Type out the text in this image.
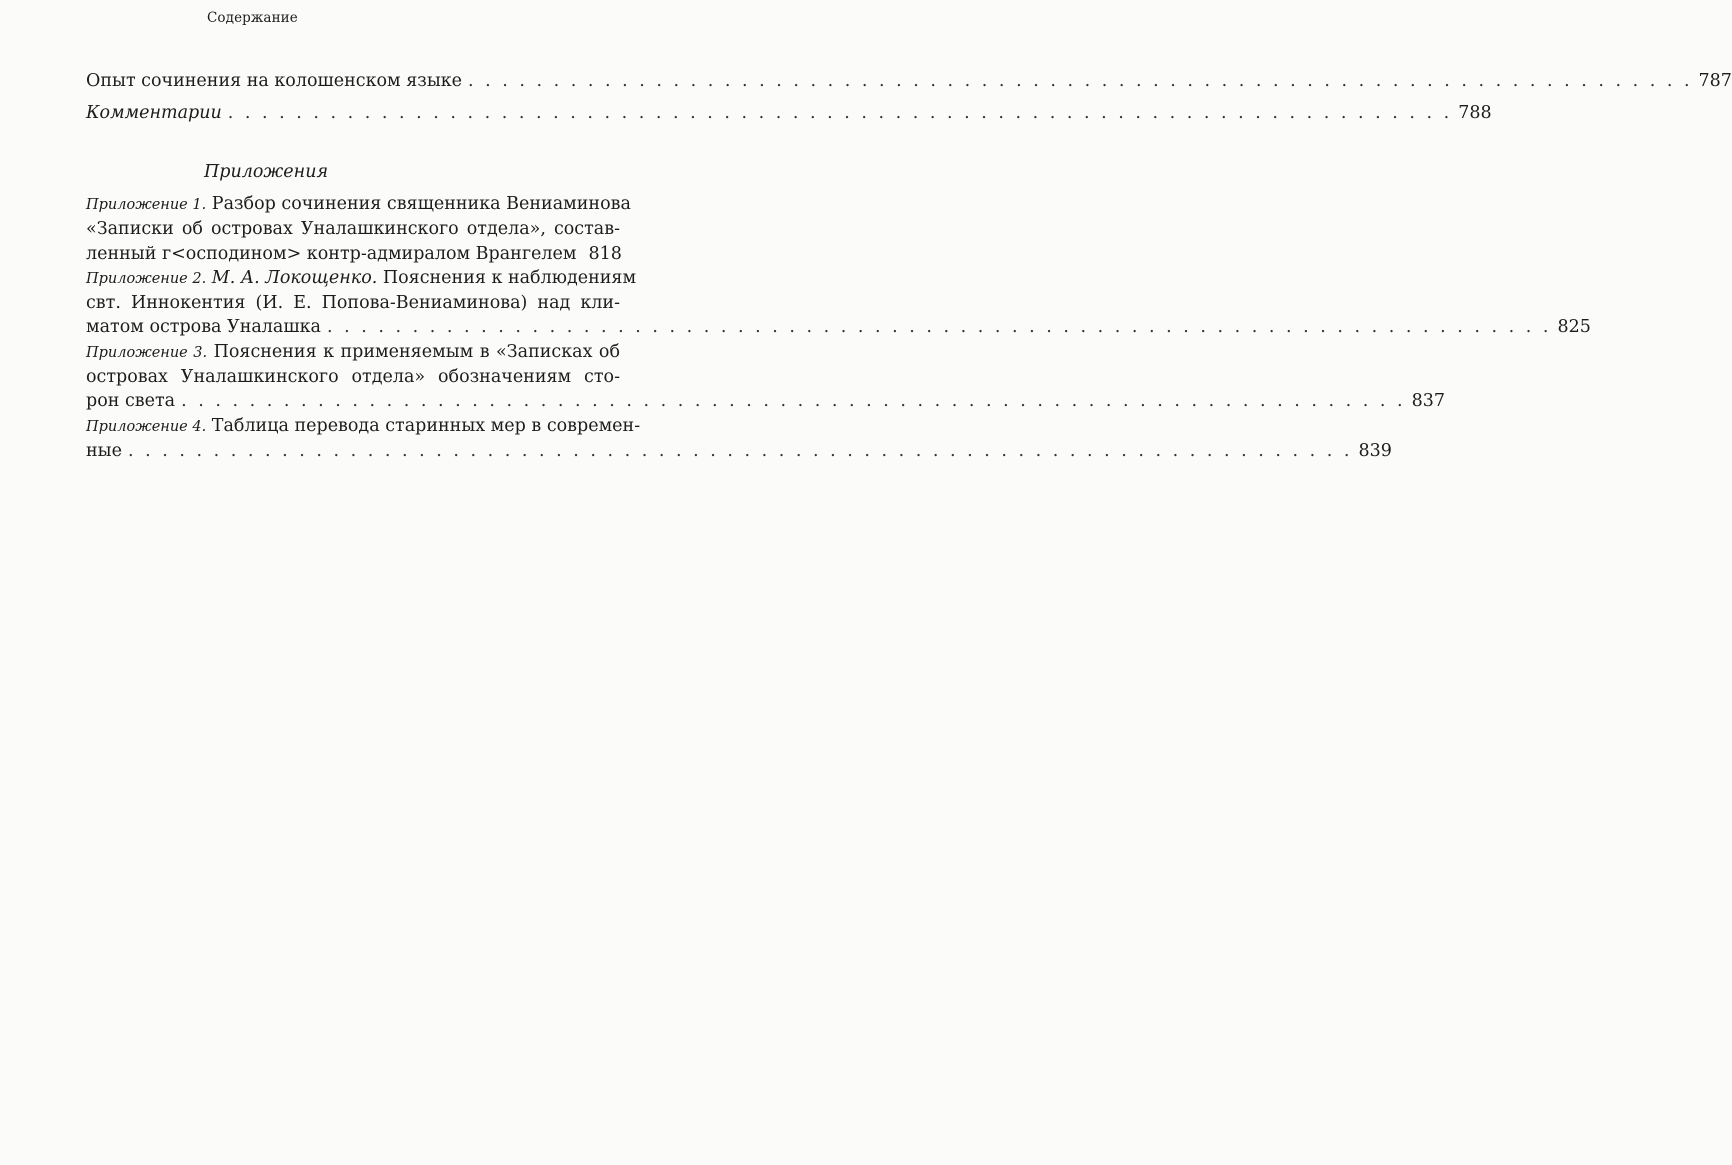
Содержание
Опыт сочинения на колошенском языке . . . . . . . . . . . . . . . . . . . . . . . . . . . . . . . . . . . . . . . . . . . . . . . . . . . . . . . . . . . . . . . . . . . . . . . . 787
Комментарии . . . . . . . . . . . . . . . . . . . . . . . . . . . . . . . . . . . . . . . . . . . . . . . . . . . . . . . . . . . . . . . . . . . . . . . . 788
Приложения
Приложение 1. Разбор сочинения священника Вениаминова
«Записки об островах Уналашкинского отдела», состав-
ленный г<осподином> контр-адмиралом Врангелем 818
Приложение 2. М. А. Локощенко. Пояснения к наблюдениям
свт. Иннокентия (И. Е. Попова-Вениаминова) над кли-
матом острова Уналашка . . . . . . . . . . . . . . . . . . . . . . . . . . . . . . . . . . . . . . . . . . . . . . . . . . . . . . . . . . . . . . . . . . . . . . . . 825
Приложение 3. Пояснения к применяемым в «Записках об
островах Уналашкинского отдела» обозначениям сто-
рон света . . . . . . . . . . . . . . . . . . . . . . . . . . . . . . . . . . . . . . . . . . . . . . . . . . . . . . . . . . . . . . . . . . . . . . . . 837
Приложение 4. Таблица перевода старинных мер в современ-
ные . . . . . . . . . . . . . . . . . . . . . . . . . . . . . . . . . . . . . . . . . . . . . . . . . . . . . . . . . . . . . . . . . . . . . . . . 839
